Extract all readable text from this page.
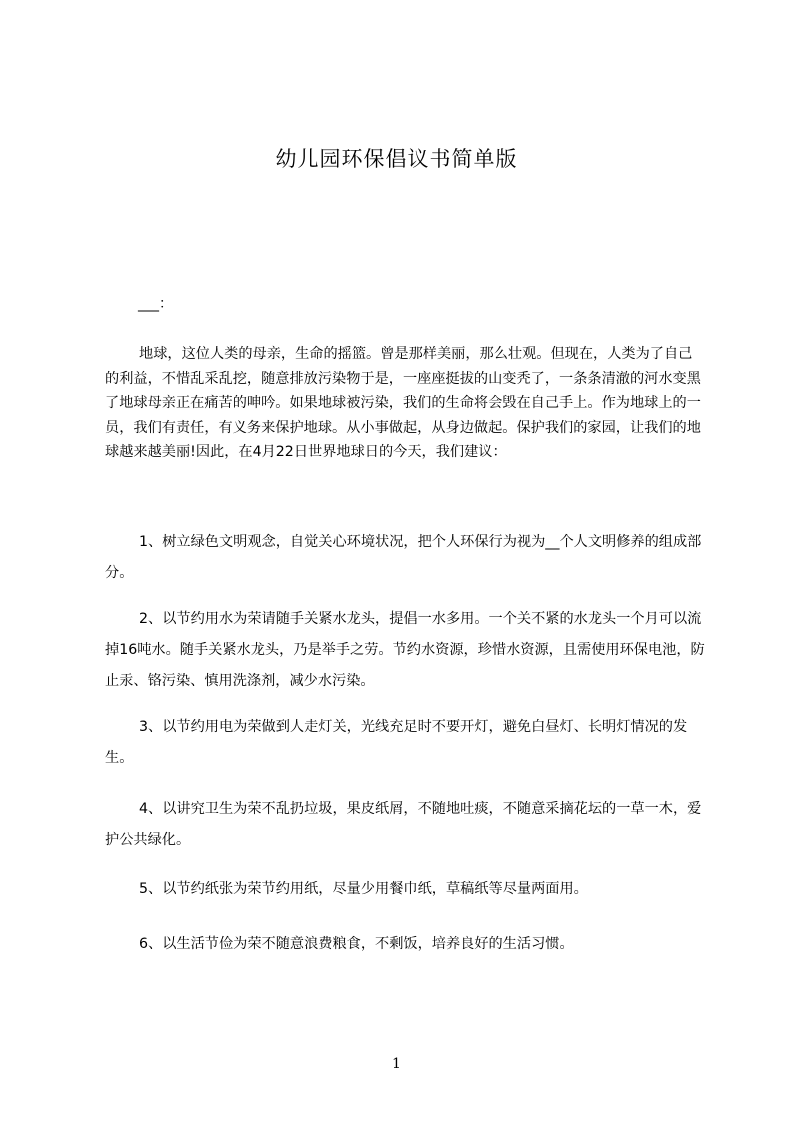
幼儿园环保倡议书简单版
___：
地球，这位人类的母亲，生命的摇篮。曾是那样美丽，那么壮观。但现在，人类为了自己的利益，不惜乱采乱挖，随意排放污染物于是，一座座挺拔的山变秃了，一条条清澈的河水变黑了地球母亲正在痛苦的呻吟。如果地球被污染，我们的生命将会毁在自己手上。作为地球上的一员，我们有责任，有义务来保护地球。从小事做起，从身边做起。保护我们的家园，让我们的地球越来越美丽!因此，在4月22日世界地球日的今天，我们建议：
1、树立绿色文明观念，自觉关心环境状况，把个人环保行为视为__个人文明修养的组成部分。
2、以节约用水为荣请随手关紧水龙头，提倡一水多用。一个关不紧的水龙头一个月可以流掉16吨水。随手关紧水龙头，乃是举手之劳。节约水资源，珍惜水资源，且需使用环保电池，防止汞、铬污染、慎用洗涤剂，减少水污染。
3、以节约用电为荣做到人走灯关，光线充足时不要开灯，避免白昼灯、长明灯情况的发生。
4、以讲究卫生为荣不乱扔垃圾，果皮纸屑，不随地吐痰，不随意采摘花坛的一草一木，爱护公共绿化。
5、以节约纸张为荣节约用纸，尽量少用餐巾纸，草稿纸等尽量两面用。
6、以生活节俭为荣不随意浪费粮食，不剩饭，培养良好的生活习惯。
1
